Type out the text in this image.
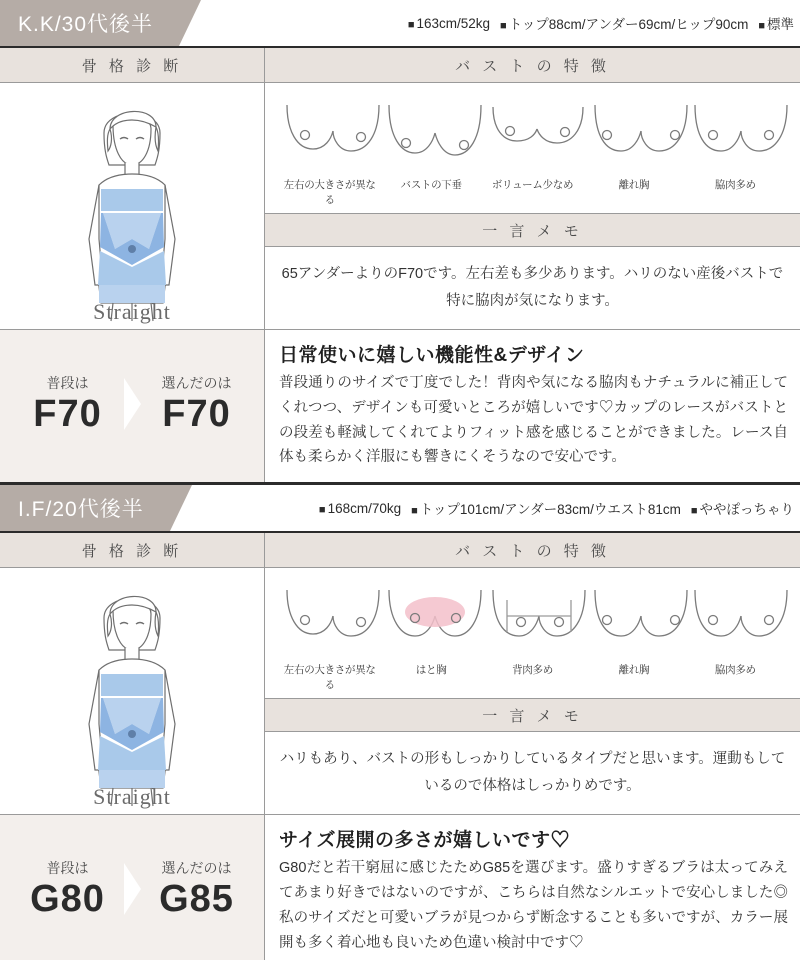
K.K/30代後半	■ 163cm/52kg	■ トップ88cm/アンダー69cm/ヒップ90cm	■ 標準
骨 格 診 断	バ ス ト の 特 徴
Straight
左右の大きさが異なる
バストの下垂	ボリューム少なめ	離れ胸	脇肉多め
一 言 メ モ
65アンダーよりのF70です。左右差も多少あります。ハリのない産後バストで特に脇肉が気になります。
普段は
F70
選んだのは
F70
日常使いに嬉しい機能性&デザイン
普段通りのサイズで丁度でした！背肉や気になる脇肉もナチュラルに補正してくれつつ、デザインも可愛いところが嬉しいです♡カップのレースがバストとの段差も軽減してくれてよりフィット感を感じることができました。レース自体も柔らかく洋服にも響きにくそうなので安心です。
I.F/20代後半	■ 168cm/70kg	■ トップ101cm/アンダー83cm/ウエスト81cm	■ ややぽっちゃり
骨 格 診 断	バ ス ト の 特 徴
Straight
左右の大きさが異なる
はと胸	背肉多め	離れ胸	脇肉多め
一 言 メ モ
ハリもあり、バストの形もしっかりしているタイプだと思います。運動もしているので体格はしっかりめです。
普段は
G80
選んだのは
G85
サイズ展開の多さが嬉しいです♡
G80だと若干窮屈に感じたためG85を選びます。盛りすぎるブラは太ってみえてあまり好きではないのですが、こちらは自然なシルエットで安心しました◎私のサイズだと可愛いブラが見つからず断念することも多いですが、カラー展開も多く着心地も良いため色違い検討中です♡
